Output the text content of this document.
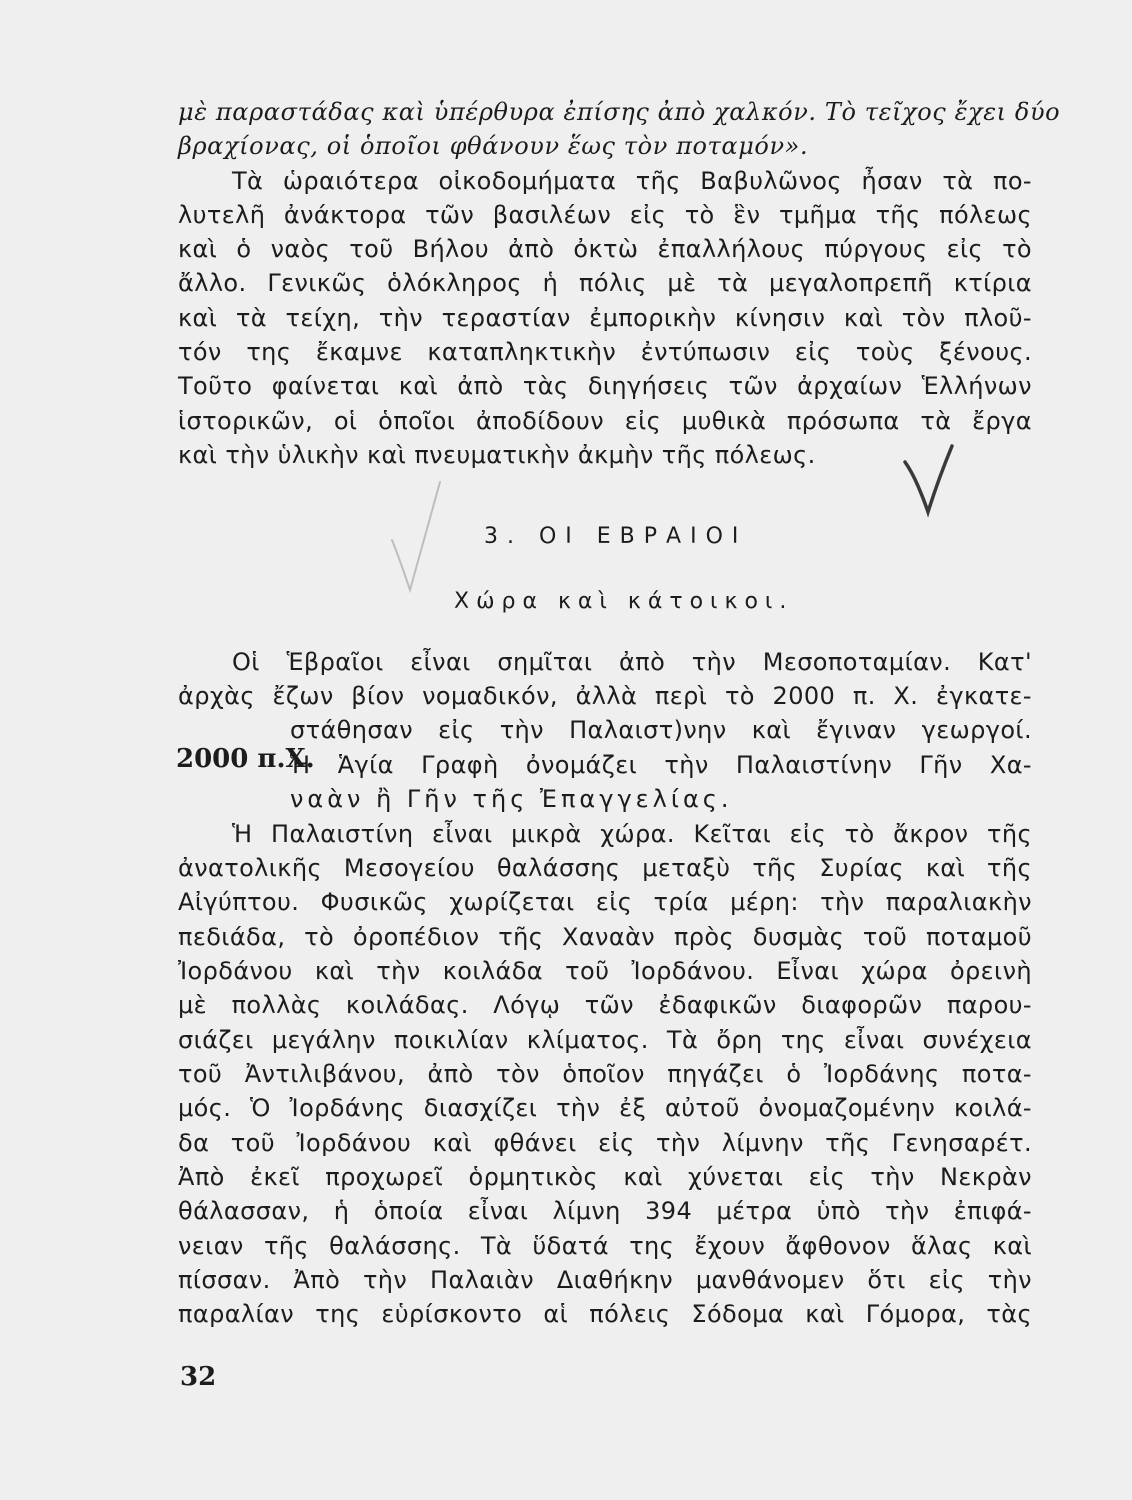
μὲ παραστάδας καὶ ὑπέρθυρα ἐπίσης ἀπὸ χαλκόν. Τὸ τεῖχος ἔχει δύο
βραχίονας, οἱ ὁποῖοι φθάνουν ἕως τὸν ποταμόν».
Τὰ ὡραιότερα οἰκοδομήματα τῆς Βαβυλῶνος ἦσαν τὰ πο-
λυτελῆ ἀνάκτορα τῶν βασιλέων εἰς τὸ ἓν τμῆμα τῆς πόλεως
καὶ ὁ ναὸς τοῦ Βήλου ἀπὸ ὀκτὼ ἐπαλλήλους πύργους εἰς τὸ
ἄλλο. Γενικῶς ὁλόκληρος ἡ πόλις μὲ τὰ μεγαλοπρεπῆ κτίρια
καὶ τὰ τείχη, τὴν τεραστίαν ἐμπορικὴν κίνησιν καὶ τὸν πλοῦ-
τόν της ἔκαμνε καταπληκτικὴν ἐντύπωσιν εἰς τοὺς ξένους.
Τοῦτο φαίνεται καὶ ἀπὸ τὰς διηγήσεις τῶν ἀρχαίων Ἑλλήνων
ἱστορικῶν, οἱ ὁποῖοι ἀποδίδουν εἰς μυθικὰ πρόσωπα τὰ ἔργα
καὶ τὴν ὑλικὴν καὶ πνευματικὴν ἀκμὴν τῆς πόλεως.
3. ΟΙ ΕΒΡΑΙΟΙ
Χώρα καὶ κάτοικοι.
Οἱ Ἑβραῖοι εἶναι σημῖται ἀπὸ τὴν Μεσοποταμίαν. Κατ'
ἀρχὰς ἔζων βίον νομαδικόν, ἀλλὰ περὶ τὸ 2000 π. Χ. ἐγκατε-
στάθησαν εἰς τὴν Παλαιστ)νην καὶ ἔγιναν γεωργοί.
Ἡ Ἁγία Γραφὴ ὀνομάζει τὴν Παλαιστίνην Γῆν Χα-
ναὰν ἢ Γῆν τῆς Ἐπαγγελίας.
2000 π.Χ.
Ἡ Παλαιστίνη εἶναι μικρὰ χώρα. Κεῖται εἰς τὸ ἄκρον τῆς
ἀνατολικῆς Μεσογείου θαλάσσης μεταξὺ τῆς Συρίας καὶ τῆς
Αἰγύπτου. Φυσικῶς χωρίζεται εἰς τρία μέρη: τὴν παραλιακὴν
πεδιάδα, τὸ ὀροπέδιον τῆς Χαναὰν πρὸς δυσμὰς τοῦ ποταμοῦ
Ἰορδάνου καὶ τὴν κοιλάδα τοῦ Ἰορδάνου. Εἶναι χώρα ὀρεινὴ
μὲ πολλὰς κοιλάδας. Λόγῳ τῶν ἐδαφικῶν διαφορῶν παρου-
σιάζει μεγάλην ποικιλίαν κλίματος. Τὰ ὄρη της εἶναι συνέχεια
τοῦ Ἀντιλιβάνου, ἀπὸ τὸν ὁποῖον πηγάζει ὁ Ἰορδάνης ποτα-
μός. Ὁ Ἰορδάνης διασχίζει τὴν ἐξ αὐτοῦ ὀνομαζομένην κοιλά-
δα τοῦ Ἰορδάνου καὶ φθάνει εἰς τὴν λίμνην τῆς Γενησαρέτ.
Ἀπὸ ἐκεῖ προχωρεῖ ὁρμητικὸς καὶ χύνεται εἰς τὴν Νεκρὰν
θάλασσαν, ἡ ὁποία εἶναι λίμνη 394 μέτρα ὑπὸ τὴν ἐπιφά-
νειαν τῆς θαλάσσης. Τὰ ὕδατά της ἔχουν ἄφθονον ἅλας καὶ
πίσσαν. Ἀπὸ τὴν Παλαιὰν Διαθήκην μανθάνομεν ὅτι εἰς τὴν
παραλίαν της εὑρίσκοντο αἱ πόλεις Σόδομα καὶ Γόμορα, τὰς
32
